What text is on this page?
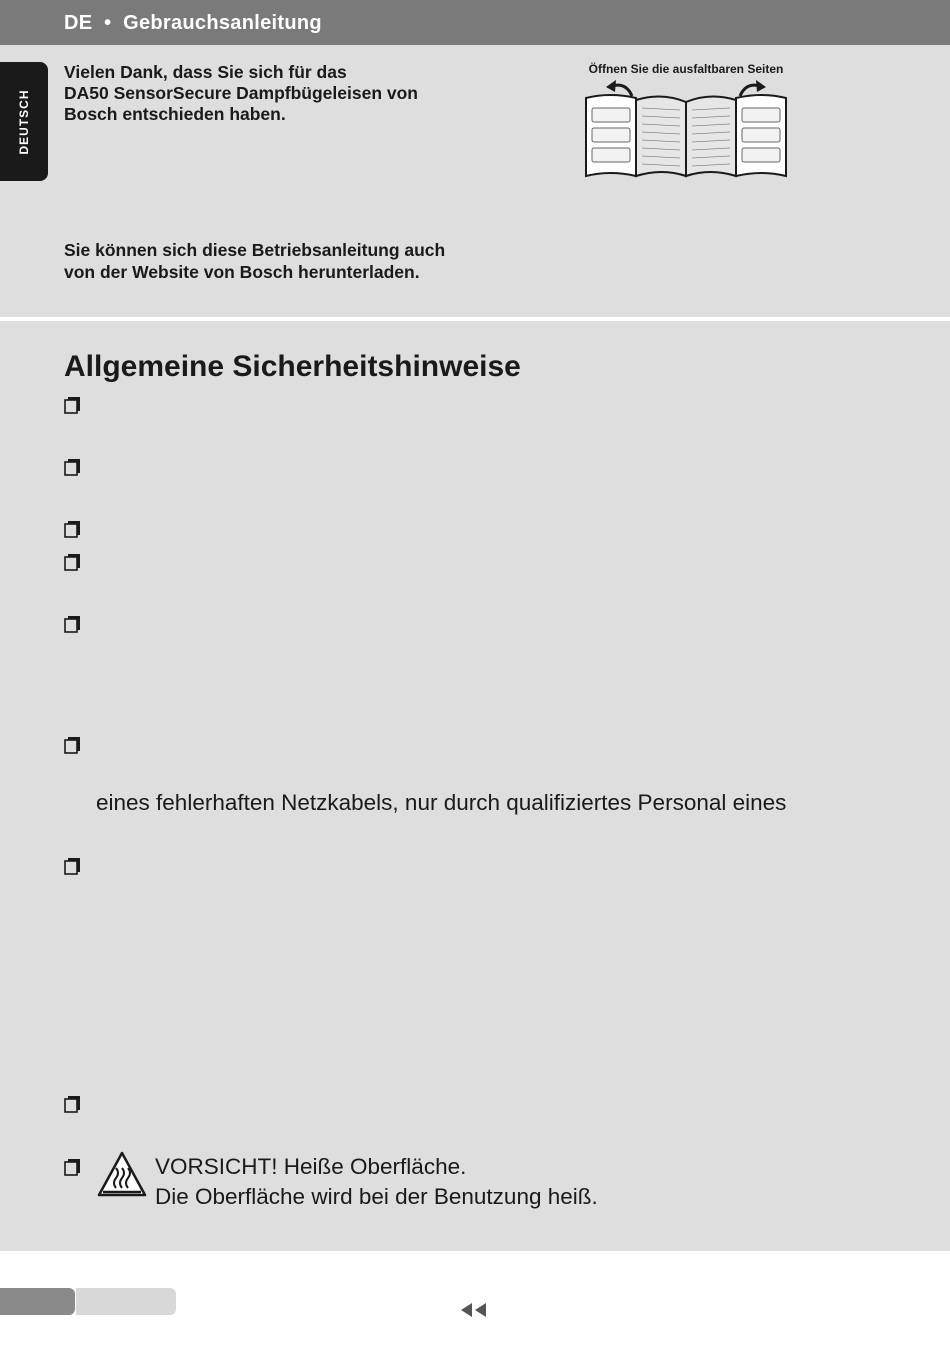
DE  •  Gebrauchsanleitung
DEUTSCH
Vielen Dank, dass Sie sich für das
DA50 SensorSecure Dampfbügeleisen von
Bosch entschieden haben.
Öffnen Sie die ausfaltbaren Seiten
Sie können sich diese Betriebsanleitung auch
von der Website von Bosch herunterladen.
Allgemeine Sicherheitshinweise
eines fehlerhaften Netzkabels, nur durch qualifiziertes Personal eines
VORSICHT! Heiße Oberfläche.
Die Oberfläche wird bei der Benutzung heiß.
